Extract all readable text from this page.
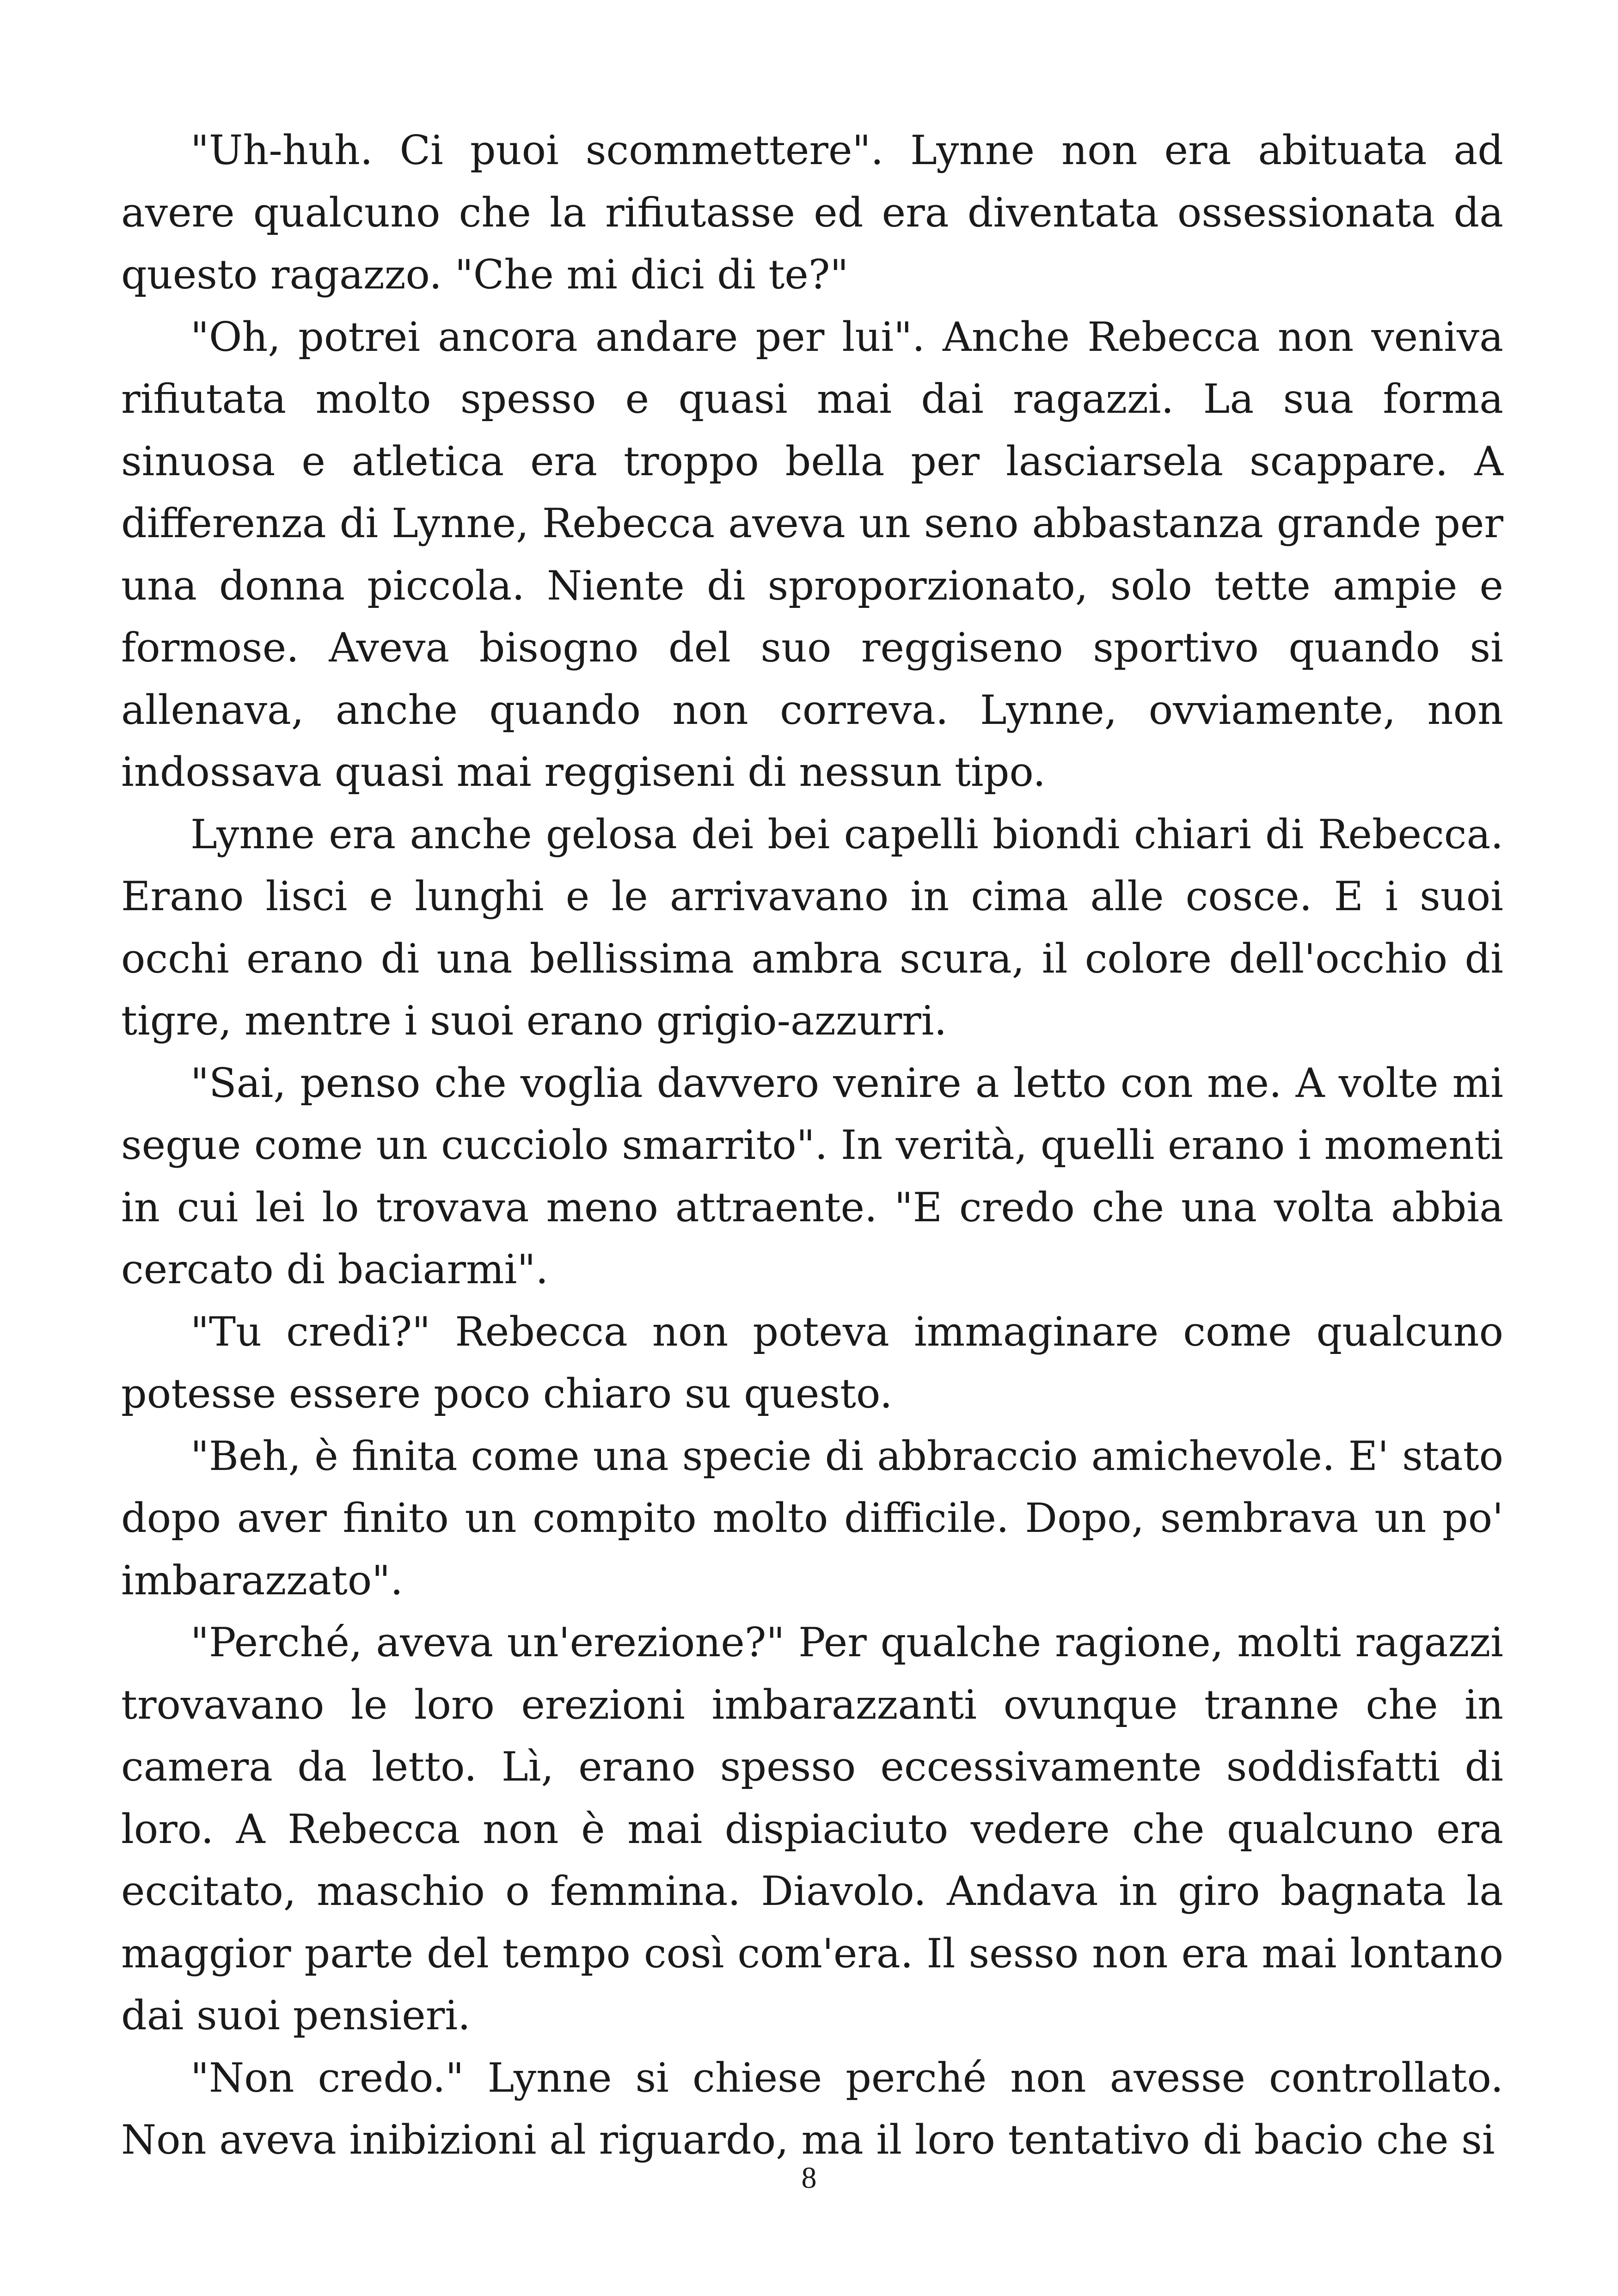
"Uh-huh. Ci puoi scommettere". Lynne non era abituata ad avere qualcuno che la rifiutasse ed era diventata ossessionata da questo ragazzo. "Che mi dici di te?"

"Oh, potrei ancora andare per lui". Anche Rebecca non veniva rifiutata molto spesso e quasi mai dai ragazzi. La sua forma sinuosa e atletica era troppo bella per lasciarsela scappare. A differenza di Lynne, Rebecca aveva un seno abbastanza grande per una donna piccola. Niente di sproporzionato, solo tette ampie e formose. Aveva bisogno del suo reggiseno sportivo quando si allenava, anche quando non correva. Lynne, ovviamente, non indossava quasi mai reggiseni di nessun tipo.

Lynne era anche gelosa dei bei capelli biondi chiari di Rebecca. Erano lisci e lunghi e le arrivavano in cima alle cosce. E i suoi occhi erano di una bellissima ambra scura, il colore dell'occhio di tigre, mentre i suoi erano grigio-azzurri.

"Sai, penso che voglia davvero venire a letto con me. A volte mi segue come un cucciolo smarrito". In verità, quelli erano i momenti in cui lei lo trovava meno attraente. "E credo che una volta abbia cercato di baciarmi".

"Tu credi?" Rebecca non poteva immaginare come qualcuno potesse essere poco chiaro su questo.

"Beh, è finita come una specie di abbraccio amichevole. E' stato dopo aver finito un compito molto difficile. Dopo, sembrava un po' imbarazzato".

"Perché, aveva un'erezione?" Per qualche ragione, molti ragazzi trovavano le loro erezioni imbarazzanti ovunque tranne che in camera da letto. Lì, erano spesso eccessivamente soddisfatti di loro. A Rebecca non è mai dispiaciuto vedere che qualcuno era eccitato, maschio o femmina. Diavolo. Andava in giro bagnata la maggior parte del tempo così com'era. Il sesso non era mai lontano dai suoi pensieri.

"Non credo." Lynne si chiese perché non avesse controllato. Non aveva inibizioni al riguardo, ma il loro tentativo di bacio che si

8
